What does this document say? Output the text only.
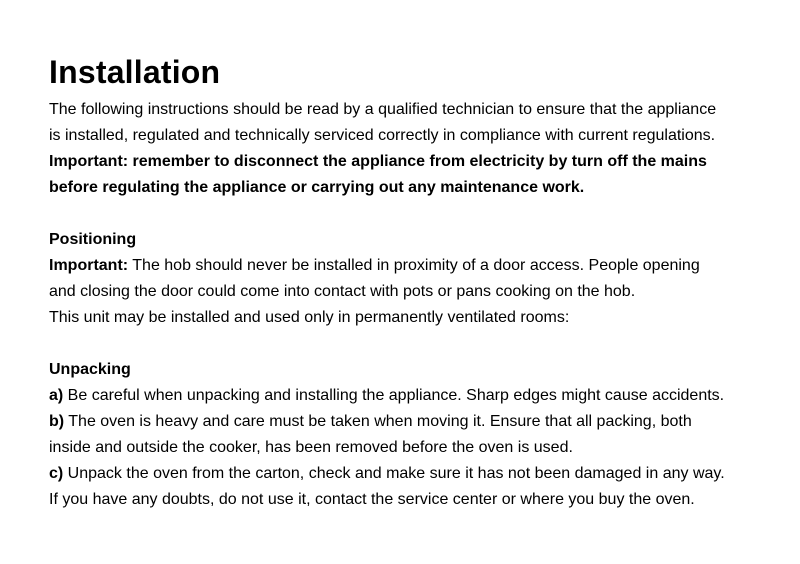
Installation
The following instructions should be read by a qualified technician to ensure that the appliance
is installed, regulated and technically serviced correctly in compliance with current regulations.
Important: remember to disconnect the appliance from electricity by turn off the mains
before regulating the appliance or carrying out any maintenance work.
Positioning
Important: The hob should never be installed in proximity of a door access. People opening
and closing the door could come into contact with pots or pans cooking on the hob.
This unit may be installed and used only in permanently ventilated rooms:
Unpacking
a) Be careful when unpacking and installing the appliance. Sharp edges might cause accidents.
b) The oven is heavy and care must be taken when moving it. Ensure that all packing, both
inside and outside the cooker, has been removed before the oven is used.
c) Unpack the oven from the carton, check and make sure it has not been damaged in any way.
If you have any doubts, do not use it, contact the service center or where you buy the oven.
